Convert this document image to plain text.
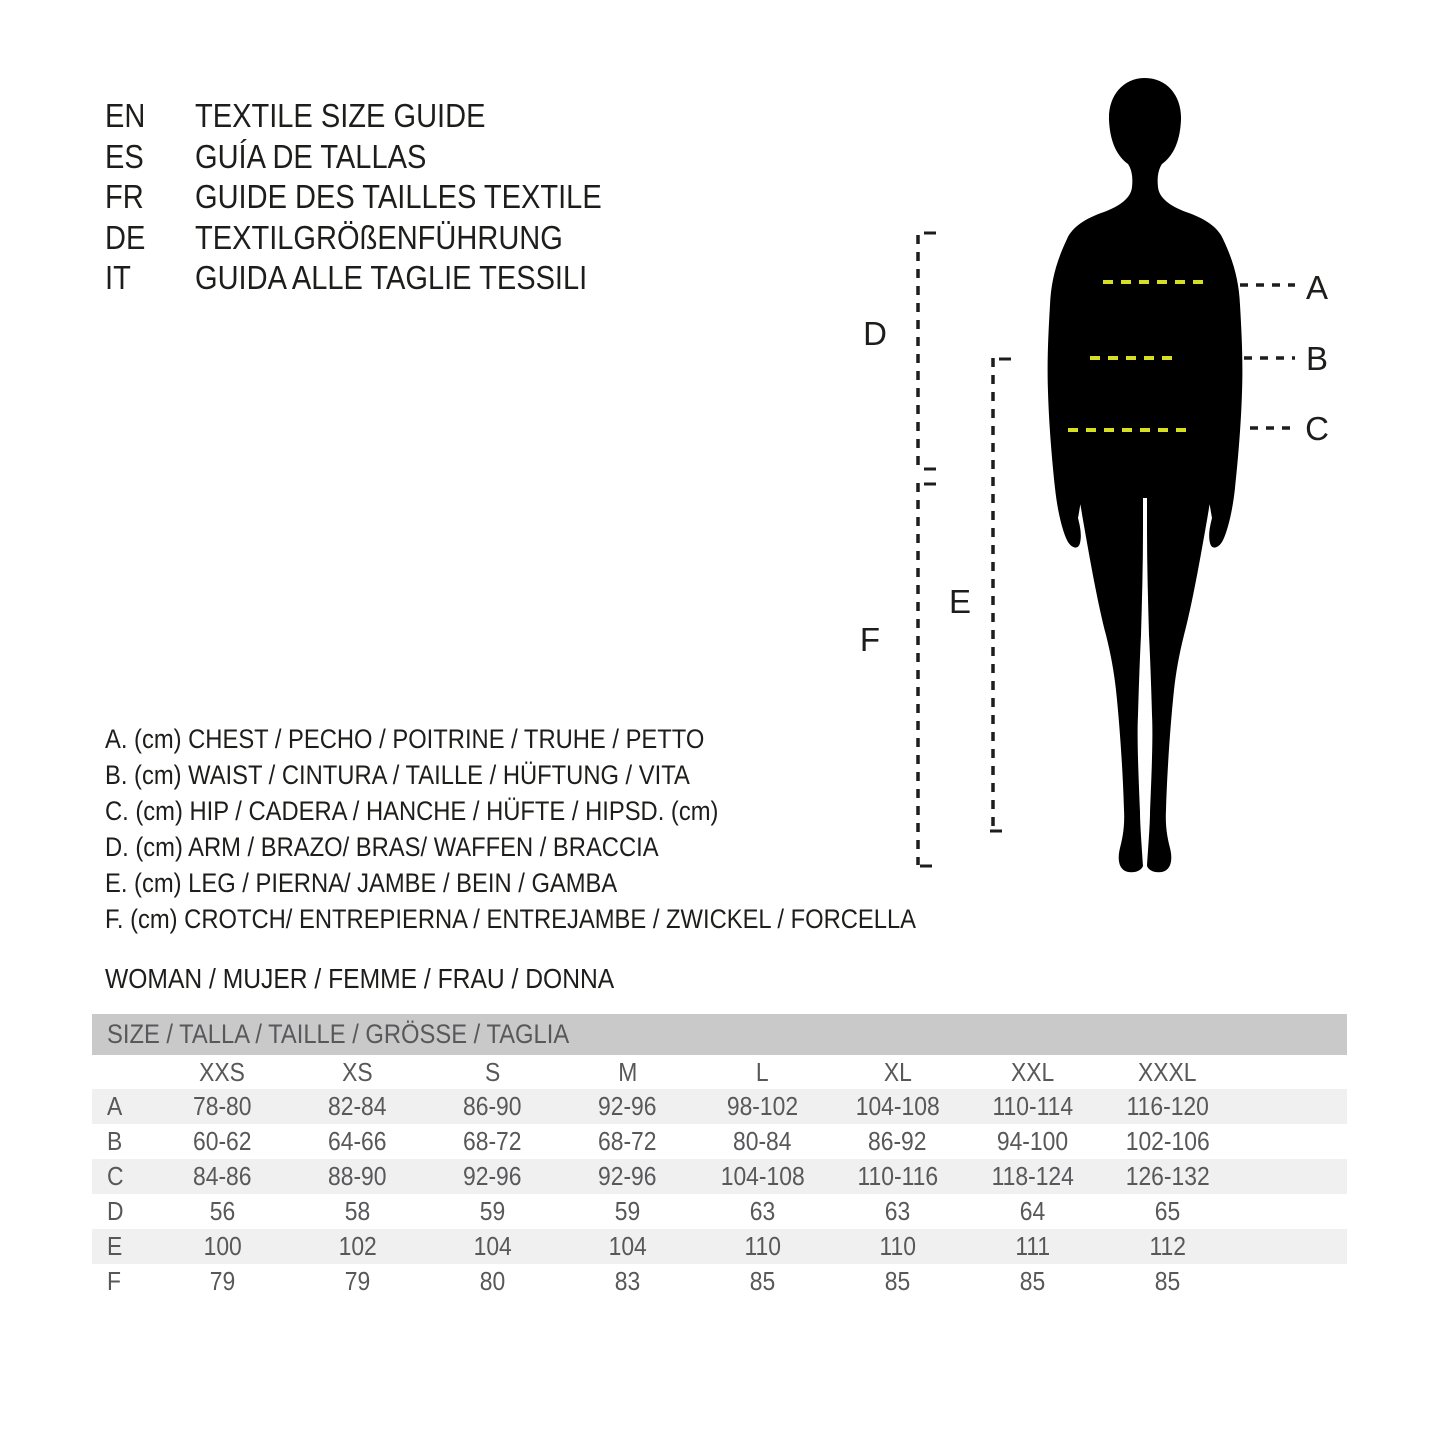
EN	TEXTILE SIZE GUIDE
ES	GUÍA DE TALLAS
FR	GUIDE DES TAILLES TEXTILE
DE	TEXTILGRÖßENFÜHRUNG
IT	GUIDA ALLE TAGLIE TESSILI	A
B
C
D
E
F
A. (cm) CHEST / PECHO / POITRINE / TRUHE / PETTO
B. (cm) WAIST / CINTURA / TAILLE / HÜFTUNG / VITA
C. (cm) HIP / CADERA / HANCHE / HÜFTE / HIPSD. (cm)
D. (cm) ARM / BRAZO/ BRAS/ WAFFEN / BRACCIA
E. (cm) LEG / PIERNA/ JAMBE / BEIN / GAMBA
F. (cm) CROTCH/ ENTREPIERNA / ENTREJAMBE / ZWICKEL / FORCELLA
WOMAN / MUJER / FEMME / FRAU / DONNA
SIZE / TALLA / TAILLE / GRÖSSE / TAGLIA
XXS	XS	S	M	L	XL	XXL	XXXL
A	78-80	82-84	86-90	92-96	98-102	104-108	110-114	116-120
B	60-62	64-66	68-72	68-72	80-84	86-92	94-100	102-106
C	84-86	88-90	92-96	92-96	104-108	110-116	118-124	126-132
D	56	58	59	59	63	63	64	65
E	100	102	104	104	110	110	111	112
F	79	79	80	83	85	85	85	85
